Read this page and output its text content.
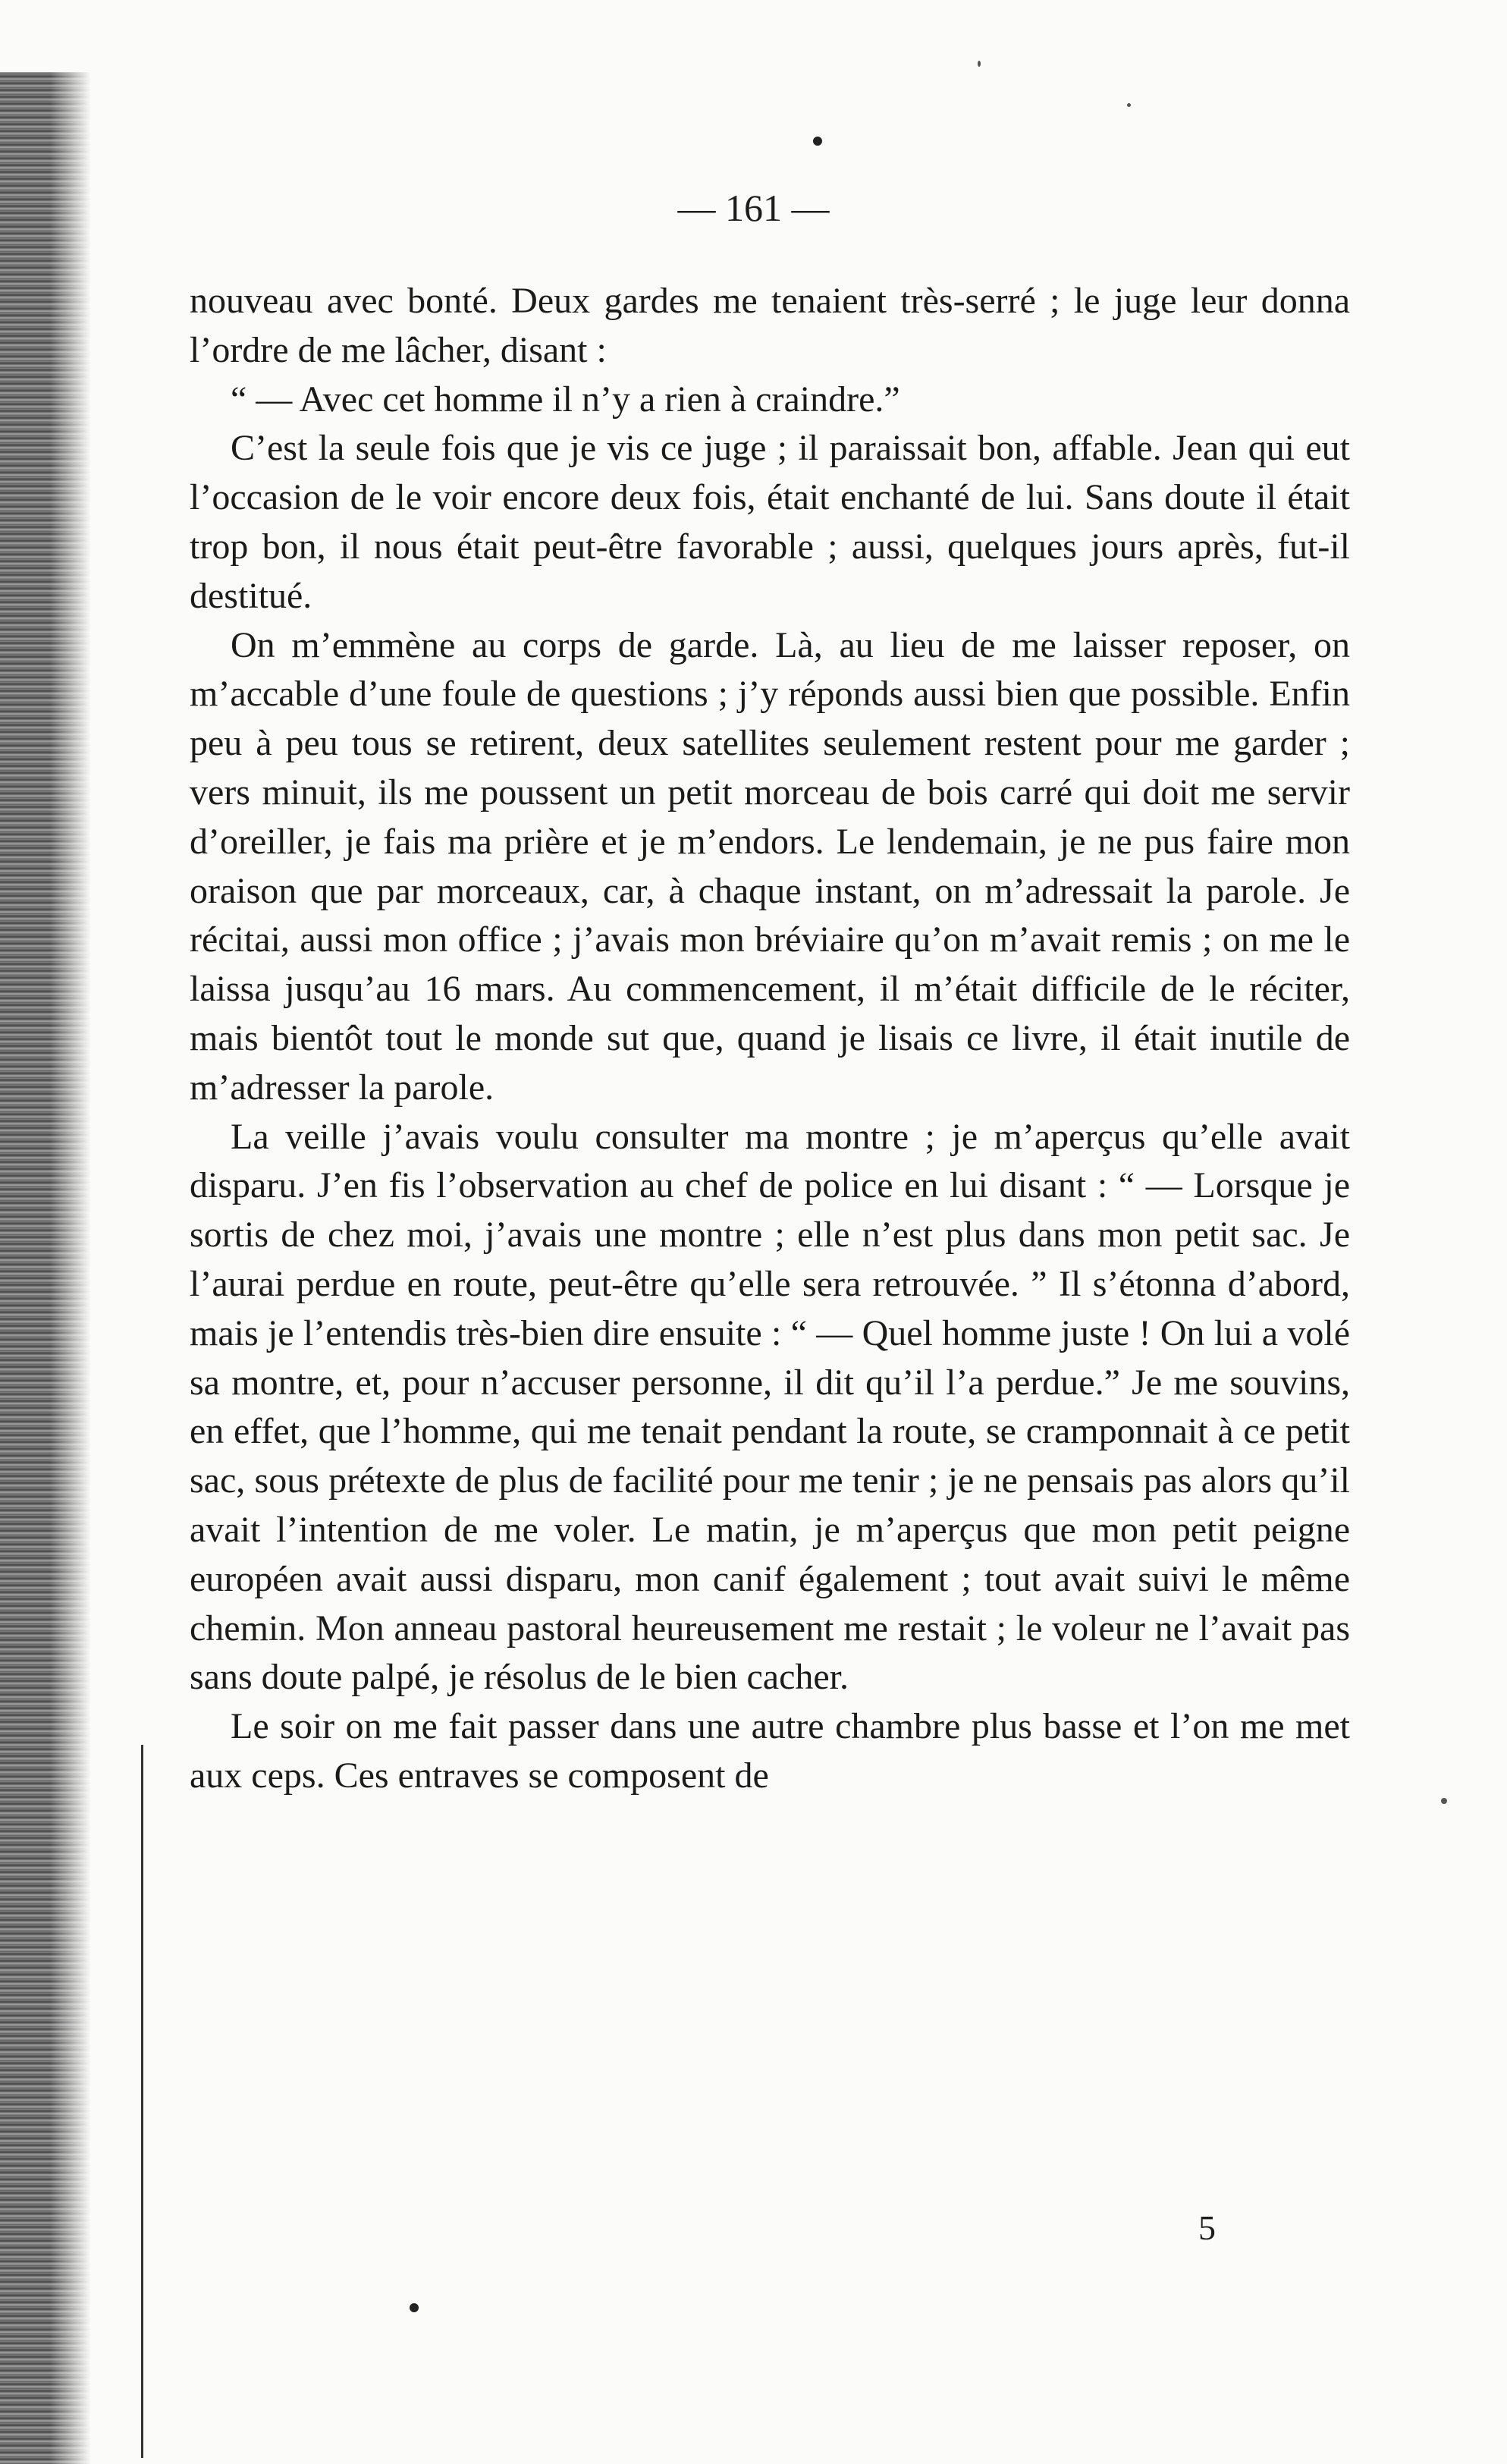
— 161 —

nouveau avec bonté. Deux gardes me tenaient très-serré ; le juge leur donna l’ordre de me lâcher, disant :

“ — Avec cet homme il n’y a rien à craindre.”

C’est la seule fois que je vis ce juge ; il paraissait bon, affable. Jean qui eut l’occasion de le voir encore deux fois, était enchanté de lui. Sans doute il était trop bon, il nous était peut-être favorable ; aussi, quelques jours après, fut-il destitué.

On m’emmène au corps de garde. Là, au lieu de me laisser reposer, on m’accable d’une foule de questions ; j’y réponds aussi bien que possible. Enfin peu à peu tous se retirent, deux satellites seulement restent pour me garder ; vers minuit, ils me poussent un petit morceau de bois carré qui doit me servir d’oreiller, je fais ma prière et je m’endors. Le lendemain, je ne pus faire mon oraison que par morceaux, car, à chaque instant, on m’adressait la parole. Je récitai, aussi mon office ; j’avais mon bréviaire qu’on m’avait remis ; on me le laissa jusqu’au 16 mars. Au commencement, il m’était difficile de le réciter, mais bientôt tout le monde sut que, quand je lisais ce livre, il était inutile de m’adresser la parole.

La veille j’avais voulu consulter ma montre ; je m’aperçus qu’elle avait disparu. J’en fis l’observation au chef de police en lui disant : “ — Lorsque je sortis de chez moi, j’avais une montre ; elle n’est plus dans mon petit sac. Je l’aurai perdue en route, peut-être qu’elle sera retrouvée. ” Il s’étonna d’abord, mais je l’entendis très-bien dire ensuite : “ — Quel homme juste ! On lui a volé sa montre, et, pour n’accuser personne, il dit qu’il l’a perdue.” Je me souvins, en effet, que l’homme, qui me tenait pendant la route, se cramponnait à ce petit sac, sous prétexte de plus de facilité pour me tenir ; je ne pensais pas alors qu’il avait l’intention de me voler. Le matin, je m’aperçus que mon petit peigne européen avait aussi disparu, mon canif également ; tout avait suivi le même chemin. Mon anneau pastoral heureusement me restait ; le voleur ne l’avait pas sans doute palpé, je résolus de le bien cacher.

Le soir on me fait passer dans une autre chambre plus basse et l’on me met aux ceps. Ces entraves se composent de

5
